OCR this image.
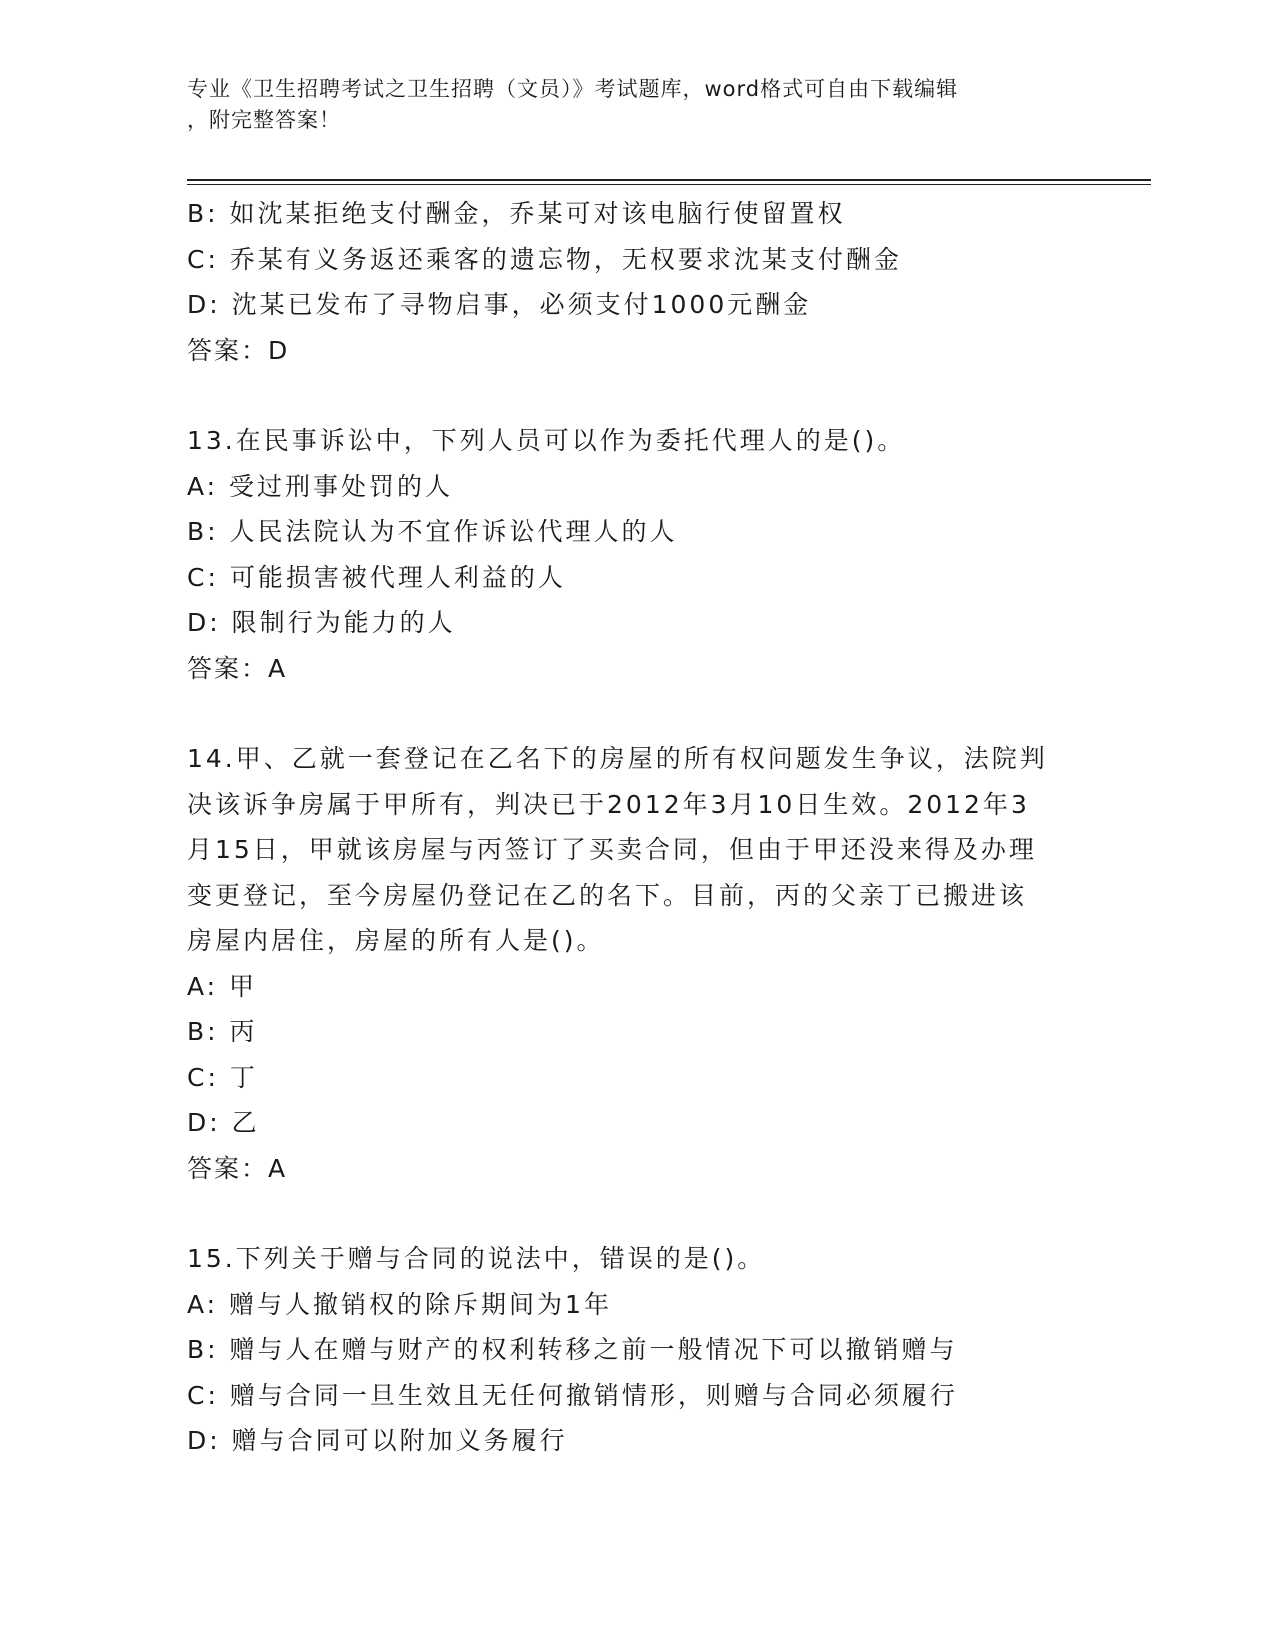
专业《卫生招聘考试之卫生招聘（文员）》考试题库，word格式可自由下载编辑
，附完整答案！
B: 如沈某拒绝支付酬金，乔某可对该电脑行使留置权
C: 乔某有义务返还乘客的遗忘物，无权要求沈某支付酬金
D: 沈某已发布了寻物启事，必须支付1000元酬金
答案：D
13.在民事诉讼中，下列人员可以作为委托代理人的是()。
A: 受过刑事处罚的人
B: 人民法院认为不宜作诉讼代理人的人
C: 可能损害被代理人利益的人
D: 限制行为能力的人
答案：A
14.甲、乙就一套登记在乙名下的房屋的所有权问题发生争议，法院判
决该诉争房属于甲所有，判决已于2012年3月10日生效。2012年3
月15日，甲就该房屋与丙签订了买卖合同，但由于甲还没来得及办理
变更登记，至今房屋仍登记在乙的名下。目前，丙的父亲丁已搬进该
房屋内居住，房屋的所有人是()。
A: 甲
B: 丙
C: 丁
D: 乙
答案：A
15.下列关于赠与合同的说法中，错误的是()。
A: 赠与人撤销权的除斥期间为1年
B: 赠与人在赠与财产的权利转移之前一般情况下可以撤销赠与
C: 赠与合同一旦生效且无任何撤销情形，则赠与合同必须履行
D: 赠与合同可以附加义务履行
